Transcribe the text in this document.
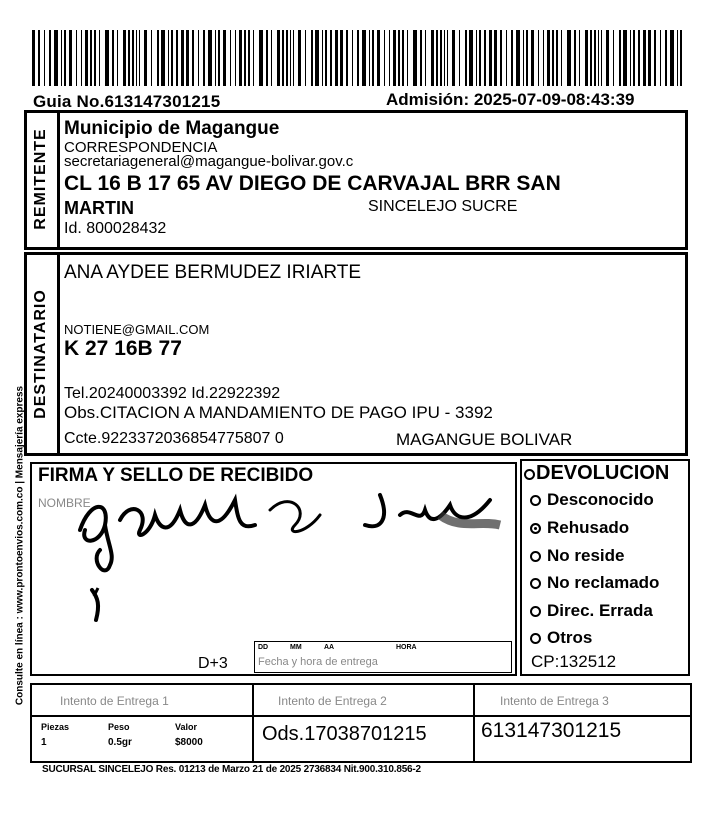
Guia No.613147301215	Admisión: 2025-07-09-08:43:39
Consulte en línea : www.prontoenvios.com.co | Mensajería express
REMITENTE Municipio de Magangue
CORRESPONDENCIA
secretariageneral@magangue-bolivar.gov.c
CL 16 B 17 65 AV DIEGO DE CARVAJAL BRR SAN
MARTIN	SINCELEJO SUCRE
Id. 800028432
DESTINATARIO
ANA AYDEE BERMUDEZ IRIARTE
NOTIENE@GMAIL.COM
K 27 16B 77
Tel.20240003392 Id.22922392
Obs.CITACION A MANDAMIENTO DE PAGO IPU - 3392
Ccte.9223372036854775807 0	MAGANGUE BOLIVAR
FIRMA Y SELLO DE RECIBIDO
NOMBRE
D+3
DD	MM	AA	HORA
Fecha y hora de entrega
DEVOLUCION
Desconocido
Rehusado
No reside
No reclamado
Direc. Errada
Otros
CP:132512
Intento de Entrega 1	Intento de Entrega 2	Intento de Entrega 3
Piezas	Peso	Valor
1	0.5gr	$8000	Ods.17038701215	613147301215
SUCURSAL SINCELEJO Res. 01213 de Marzo 21 de 2025 2736834 Nit.900.310.856-2
